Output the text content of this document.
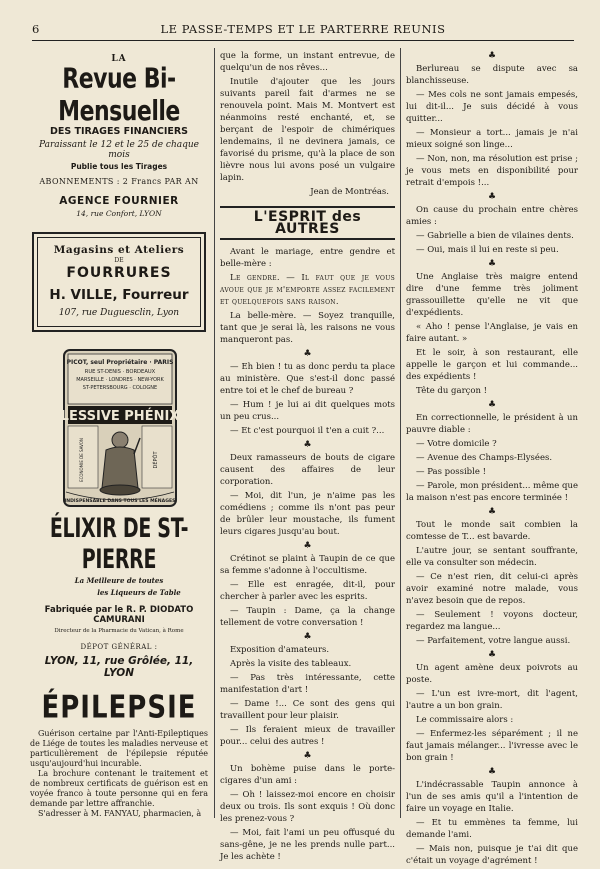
6	LE PASSE-TEMPS ET LE PARTERRE REUNIS
LA
Revue Bi-Mensuelle
DES TIRAGES FINANCIERS
Paraissant le 12 et le 25 de chaque mois
Publie tous les Tirages
ABONNEMENTS : 2 Francs PAR AN
AGENCE FOURNIER
14, rue Confort, LYON
Magasins et Ateliers
DE
FOURRURES
H. VILLE, Fourreur
107, rue Duguesclin, Lyon
PICOT, seul Propriétaire · PARIS
RUE ST-DENIS · BORDEAUX
MARSEILLE · LONDRES · NEW-YORK
ST-PETERSBOURG · COLOGNE
LESSIVE PHÉNIX
ECONOMIE DE SAVON	DÉPÔT
INDISPENSABLE DANS TOUS LES MÉNAGES
ÉLIXIR DE ST-PIERRE
La Meilleure de toutes
les Liqueurs de Table
Fabriquée par le R. P. DIODATO CAMURANI
Directeur de la Pharmacie du Vatican, à Rome
DÉPOT GÉNÉRAL :
LYON, 11, rue Grôlée, 11, LYON
ÉPILEPSIE

Guérison certaine par l'Anti-Epileptiques de Liége de toutes les maladies nerveuse et particulièrement de l'épilepsie réputée usqu'aujourd'hui incurable.

La brochure contenant le traitement et de nombreux certificats de guérison est en voyée franco à toute personne qui en fera demande par lettre affranchie.

S'adresser à M. FANYAU, pharmacien, à

que la forme, un instant entrevue, de quelqu'un de nos rêves...

Inutile d'ajouter que les jours suivants pareil fait d'armes ne se renouvela point. Mais M. Montvert est néanmoins resté enchanté, et, se berçant de l'espoir de chimériques lendemains, il ne devinera jamais, ce favorisé du prisme, qu'à la place de son lièvre nous lui avons posé un vulgaire lapin.

Jean de Montréas.

L'ESPRIT des AUTRES

Avant le mariage, entre gendre et belle-mère :

Le gendre. — Il faut que je vous avoue que je m'emporte assez facilement et quelquefois sans raison.

La belle-mère. — Soyez tranquille, tant que je serai là, les raisons ne vous manqueront pas.

♣

— Eh bien ! tu as donc perdu ta place au ministère. Que s'est-il donc passé entre toi et le chef de bureau ?

— Hum ! je lui ai dit quelques mots un peu crus...

— Et c'est pourquoi il t'en a cuit ?...

♣

Deux ramasseurs de bouts de cigare causent des affaires de leur corporation.

— Moi, dit l'un, je n'aime pas les comédiens ; comme ils n'ont pas peur de brûler leur moustache, ils fument leurs cigares jusqu'au bout.

♣

Crétinot se plaint à Taupin de ce que sa femme s'adonne à l'occultisme.

— Elle est enragée, dit-il, pour chercher à parler avec les esprits.

— Taupin : Dame, ça la change tellement de votre conversation !

♣

Exposition d'amateurs.

Après la visite des tableaux.

— Pas très intéressante, cette manifestation d'art !

— Dame !... Ce sont des gens qui travaillent pour leur plaisir.

— Ils feraient mieux de travailler pour... celui des autres !

♣

Un bohème puise dans le porte-cigares d'un ami :

— Oh ! laissez-moi encore en choisir deux ou trois. Ils sont exquis ! Où donc les prenez-vous ?

— Moi, fait l'ami un peu offusqué du sans-gêne, je ne les prends nulle part... Je les achète !

♣

Berlureau se dispute avec sa blanchisseuse.

— Mes cols ne sont jamais empesés, lui dit-il... Je suis décidé à vous quitter...

— Monsieur a tort... jamais je n'ai mieux soigné son linge...

— Non, non, ma résolution est prise ; je vous mets en disponibilité pour retrait d'empois !...

♣

On cause du prochain entre chères amies :

— Gabrielle a bien de vilaines dents.

— Oui, mais il lui en reste si peu.

♣

Une Anglaise très maigre entend dire d'une femme très joliment grassouillette qu'elle ne vit que d'expédients.

« Aho ! pense l'Anglaise, je vais en faire autant. »

Et le soir, à son restaurant, elle appelle le garçon et lui commande... des expédients !

Tête du garçon !

♣

En correctionnelle, le président à un pauvre diable :

— Votre domicile ?

— Avenue des Champs-Elysées.

— Pas possible !

— Parole, mon président... même que la maison n'est pas encore terminée !

♣

Tout le monde sait combien la comtesse de T... est bavarde.

L'autre jour, se sentant souffrante, elle va consulter son médecin.

— Ce n'est rien, dit celui-ci après avoir examiné notre malade, vous n'avez besoin que de repos.

— Seulement ! voyons docteur, regardez ma langue...

— Parfaitement, votre langue aussi.

♣

Un agent amène deux poivrots au poste.

— L'un est ivre-mort, dit l'agent, l'autre a un bon grain.

Le commissaire alors :

— Enfermez-les séparément ; il ne faut jamais mélanger... l'ivresse avec le bon grain !

♣

L'indécrassable Taupin annonce à l'un de ses amis qu'il a l'intention de faire un voyage en Italie.

— Et tu emmènes ta femme, lui demande l'ami.

— Mais non, puisque je t'ai dit que c'était un voyage d'agrément !
